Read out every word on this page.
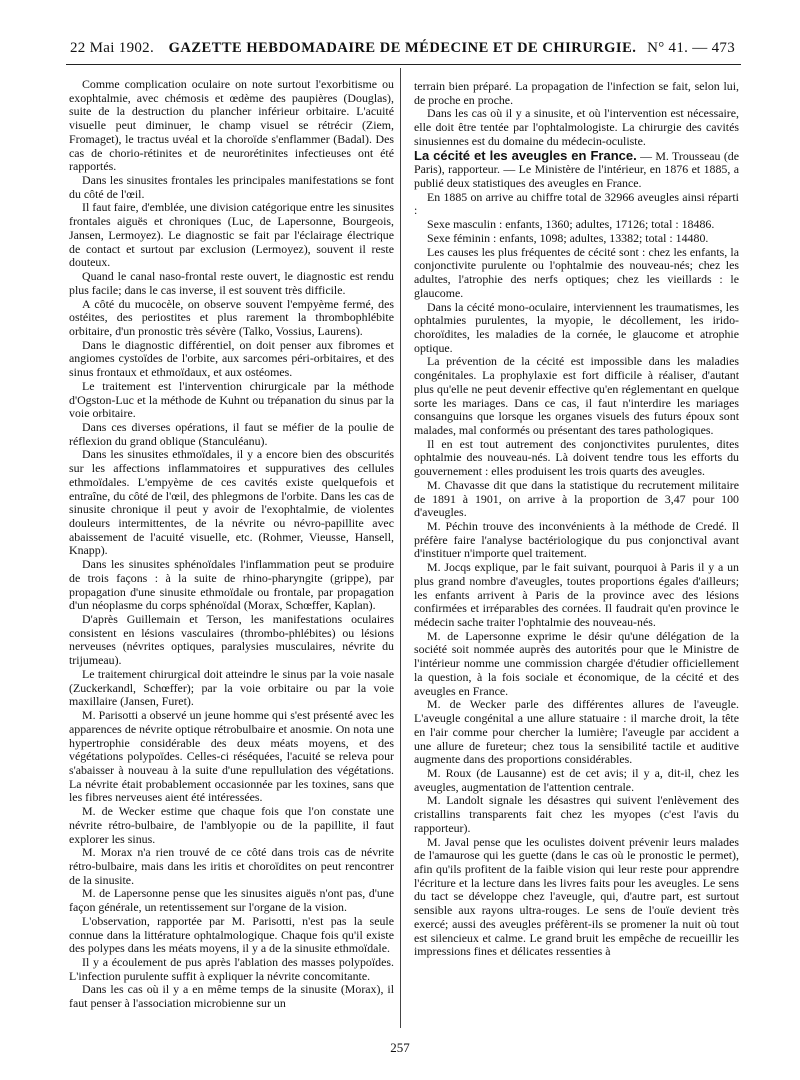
22 Mai 1902.	GAZETTE HEBDOMADAIRE DE MÉDECINE ET DE CHIRURGIE. N° 41. — 473

Comme complication oculaire on note surtout l'exorbitisme ou exophtalmie, avec chémosis et œdème des paupières (Douglas), suite de la destruction du plancher inférieur orbitaire. L'acuité visuelle peut diminuer, le champ visuel se rétrécir (Ziem, Fromaget), le tractus uvéal et la choroïde s'enflammer (Badal). Des cas de chorio-rétinites et de neurorétinites infectieuses ont été rapportés.

Dans les sinusites frontales les principales manifestations se font du côté de l'œil.

Il faut faire, d'emblée, une division catégorique entre les sinusites frontales aiguës et chroniques (Luc, de Lapersonne, Bourgeois, Jansen, Lermoyez). Le diagnostic se fait par l'éclairage électrique de contact et surtout par exclusion (Lermoyez), souvent il reste douteux.

Quand le canal naso-frontal reste ouvert, le diagnostic est rendu plus facile; dans le cas inverse, il est souvent très difficile.

A côté du mucocèle, on observe souvent l'empyème fermé, des ostéites, des periostites et plus rarement la thrombophlébite orbitaire, d'un pronostic très sévère (Talko, Vossius, Laurens).

Dans le diagnostic différentiel, on doit penser aux fibromes et angiomes cystoïdes de l'orbite, aux sarcomes péri-orbitaires, et des sinus frontaux et ethmoïdaux, et aux ostéomes.

Le traitement est l'intervention chirurgicale par la méthode d'Ogston-Luc et la méthode de Kuhnt ou trépanation du sinus par la voie orbitaire.

Dans ces diverses opérations, il faut se méfier de la poulie de réflexion du grand oblique (Stanculéanu).

Dans les sinusites ethmoïdales, il y a encore bien des obscurités sur les affections inflammatoires et suppuratives des cellules ethmoïdales. L'empyème de ces cavités existe quelquefois et entraîne, du côté de l'œil, des phlegmons de l'orbite. Dans les cas de sinusite chronique il peut y avoir de l'exophtalmie, de violentes douleurs intermittentes, de la névrite ou névro-papillite avec abaissement de l'acuité visuelle, etc. (Rohmer, Vieusse, Hansell, Knapp).

Dans les sinusites sphénoïdales l'inflammation peut se produire de trois façons : à la suite de rhino-pharyngite (grippe), par propagation d'une sinusite ethmoïdale ou frontale, par propagation d'un néoplasme du corps sphénoïdal (Morax, Schœffer, Kaplan).

D'après Guillemain et Terson, les manifestations oculaires consistent en lésions vasculaires (thrombo-phlébites) ou lésions nerveuses (névrites optiques, paralysies musculaires, névrite du trijumeau).

Le traitement chirurgical doit atteindre le sinus par la voie nasale (Zuckerkandl, Schœffer); par la voie orbitaire ou par la voie maxillaire (Jansen, Furet).

M. Parisotti a observé un jeune homme qui s'est présenté avec les apparences de névrite optique rétrobulbaire et anosmie. On nota une hypertrophie considérable des deux méats moyens, et des végétations polypoïdes. Celles-ci réséquées, l'acuité se releva pour s'abaisser à nouveau à la suite d'une repullulation des végétations. La névrite était probablement occasionnée par les toxines, sans que les fibres nerveuses aient été intéressées.

M. de Wecker estime que chaque fois que l'on constate une névrite rétro-bulbaire, de l'amblyopie ou de la papillite, il faut explorer les sinus.

M. Morax n'a rien trouvé de ce côté dans trois cas de névrite rétro-bulbaire, mais dans les iritis et choroïdites on peut rencontrer de la sinusite.

M. de Lapersonne pense que les sinusites aiguës n'ont pas, d'une façon générale, un retentissement sur l'organe de la vision.

L'observation, rapportée par M. Parisotti, n'est pas la seule connue dans la littérature ophtalmologique. Chaque fois qu'il existe des polypes dans les méats moyens, il y a de la sinusite ethmoïdale.

Il y a écoulement de pus après l'ablation des masses polypoïdes. L'infection purulente suffit à expliquer la névrite concomitante.

Dans les cas où il y a en même temps de la sinusite (Morax), il faut penser à l'association microbienne sur un

terrain bien préparé. La propagation de l'infection se fait, selon lui, de proche en proche.

Dans les cas où il y a sinusite, et où l'intervention est nécessaire, elle doit être tentée par l'ophtalmologiste. La chirurgie des cavités sinusiennes est du domaine du médecin-oculiste.

La cécité et les aveugles en France. — M. Trousseau (de Paris), rapporteur. — Le Ministère de l'intérieur, en 1876 et 1885, a publié deux statistiques des aveugles en France.

En 1885 on arrive au chiffre total de 32966 aveugles ainsi réparti :

Sexe masculin : enfants, 1360; adultes, 17126; total : 18486.

Sexe féminin : enfants, 1098; adultes, 13382; total : 14480.

Les causes les plus fréquentes de cécité sont : chez les enfants, la conjonctivite purulente ou l'ophtalmie des nouveau-nés; chez les adultes, l'atrophie des nerfs optiques; chez les vieillards : le glaucome.

Dans la cécité mono-oculaire, interviennent les traumatismes, les ophtalmies purulentes, la myopie, le décollement, les irido-choroïdites, les maladies de la cornée, le glaucome et atrophie optique.

La prévention de la cécité est impossible dans les maladies congénitales. La prophylaxie est fort difficile à réaliser, d'autant plus qu'elle ne peut devenir effective qu'en réglementant en quelque sorte les mariages. Dans ce cas, il faut n'interdire les mariages consanguins que lorsque les organes visuels des futurs époux sont malades, mal conformés ou présentant des tares pathologiques.

Il en est tout autrement des conjonctivites purulentes, dites ophtalmie des nouveau-nés. Là doivent tendre tous les efforts du gouvernement : elles produisent les trois quarts des aveugles.

M. Chavasse dit que dans la statistique du recrutement militaire de 1891 à 1901, on arrive à la proportion de 3,47 pour 100 d'aveugles.

M. Péchin trouve des inconvénients à la méthode de Credé. Il préfère faire l'analyse bactériologique du pus conjonctival avant d'instituer n'importe quel traitement.

M. Jocqs explique, par le fait suivant, pourquoi à Paris il y a un plus grand nombre d'aveugles, toutes proportions égales d'ailleurs; les enfants arrivent à Paris de la province avec des lésions confirmées et irréparables des cornées. Il faudrait qu'en province le médecin sache traiter l'ophtalmie des nouveau-nés.

M. de Lapersonne exprime le désir qu'une délégation de la société soit nommée auprès des autorités pour que le Ministre de l'intérieur nomme une commission chargée d'étudier officiellement la question, à la fois sociale et économique, de la cécité et des aveugles en France.

M. de Wecker parle des différentes allures de l'aveugle. L'aveugle congénital a une allure statuaire : il marche droit, la tête en l'air comme pour chercher la lumière; l'aveugle par accident a une allure de fureteur; chez tous la sensibilité tactile et auditive augmente dans des proportions considérables.

M. Roux (de Lausanne) est de cet avis; il y a, dit-il, chez les aveugles, augmentation de l'attention centrale.

M. Landolt signale les désastres qui suivent l'enlèvement des cristallins transparents fait chez les myopes (c'est l'avis du rapporteur).

M. Javal pense que les oculistes doivent prévenir leurs malades de l'amaurose qui les guette (dans le cas où le pronostic le permet), afin qu'ils profitent de la faible vision qui leur reste pour apprendre l'écriture et la lecture dans les livres faits pour les aveugles. Le sens du tact se développe chez l'aveugle, qui, d'autre part, est surtout sensible aux rayons ultra-rouges. Le sens de l'ouïe devient très exercé; aussi des aveugles préfèrent-ils se promener la nuit où tout est silencieux et calme. Le grand bruit les empêche de recueillir les impressions fines et délicates ressenties à

257
